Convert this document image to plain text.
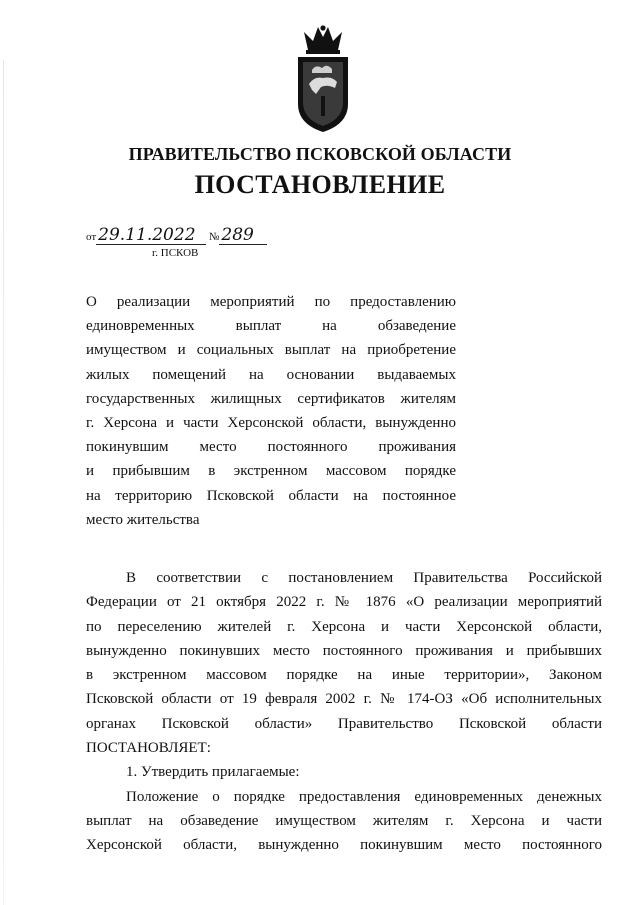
ПРАВИТЕЛЬСТВО ПСКОВСКОЙ ОБЛАСТИ
ПОСТАНОВЛЕНИЕ
от 29.11.2022 № 289
г. ПСКОВ
О реализации мероприятий по предоставлению
единовременных выплат на обзаведение
имуществом и социальных выплат на приобретение
жилых помещений на основании выдаваемых
государственных жилищных сертификатов жителям
г. Херсона и части Херсонской области, вынужденно
покинувшим место постоянного проживания
и прибывшим в экстренном массовом порядке
на территорию Псковской области на постоянное
место жительства
В соответствии с постановлением Правительства Российской
Федерации от 21 октября 2022 г. № 1876 «О реализации мероприятий
по переселению жителей г. Херсона и части Херсонской области,
вынужденно покинувших место постоянного проживания и прибывших
в экстренном массовом порядке на иные территории», Законом
Псковской области от 19 февраля 2002 г. № 174-ОЗ «Об исполнительных
органах Псковской области» Правительство Псковской области
ПОСТАНОВЛЯЕТ:
1. Утвердить прилагаемые:
Положение о порядке предоставления единовременных денежных
выплат на обзаведение имуществом жителям г. Херсона и части
Херсонской области, вынужденно покинувшим место постоянного
